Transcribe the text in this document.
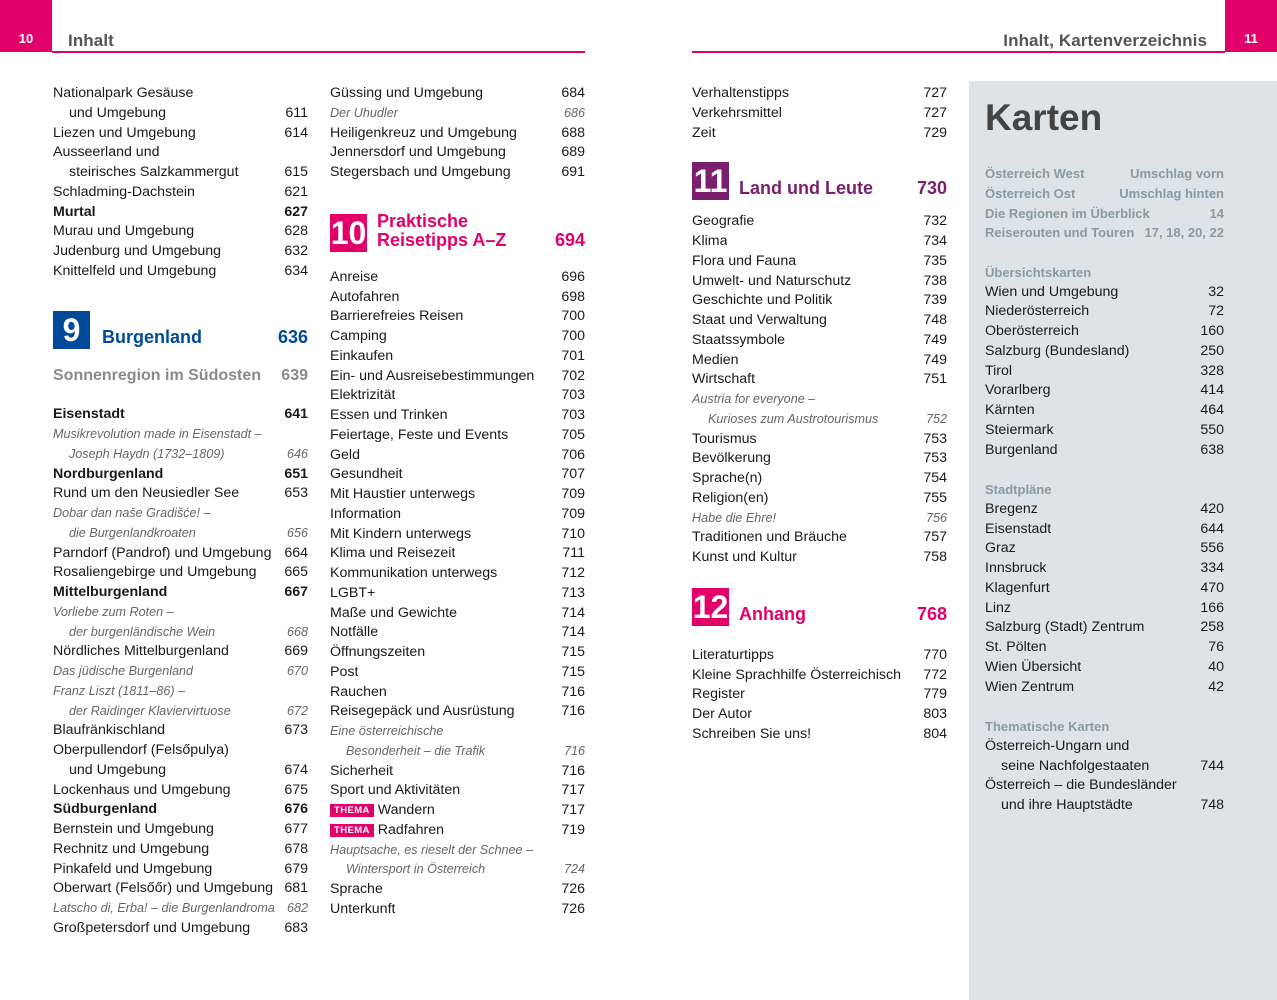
10	Inhalt	Inhalt, Kartenverzeichnis	11
Nationalpark Gesäuse
und Umgebung	611
Liezen und Umgebung	614
Ausseerland und
steirisches Salzkammergut	615
Schladming-Dachstein	621
Murtal	627
Murau und Umgebung	628
Judenburg und Umgebung	632
Knittelfeld und Umgebung	634
9	Burgenland	636
Sonnenregion im Südosten 639
Eisenstadt	641
Musikrevolution made in Eisenstadt –
Joseph Haydn (1732–1809)	646
Nordburgenland	651
Rund um den Neusiedler See	653
Dobar dan naše Gradišće! –
die Burgenlandkroaten	656
Parndorf (Pandrof) und Umgebung 664
Rosaliengebirge und Umgebung	665
Mittelburgenland	667
Vorliebe zum Roten –
der burgenländische Wein	668
Nördliches Mittelburgenland	669
Das jüdische Burgenland	670
Franz Liszt (1811–86) –
der Raidinger Klaviervirtuose	672
Blaufränkischland	673
Oberpullendorf (Felsőpulya)
und Umgebung	674
Lockenhaus und Umgebung	675
Südburgenland	676
Bernstein und Umgebung	677
Rechnitz und Umgebung	678
Pinkafeld und Umgebung	679
Oberwart (Felsőőr) und Umgebung 681
Latscho di, Erba! – die Burgenlandroma 682
Großpetersdorf und Umgebung	683
Güssing und Umgebung	684
Der Uhudler	686
Heiligenkreuz und Umgebung	688
Jennersdorf und Umgebung	689
Stegersbach und Umgebung	691
10 Praktische
Reisetipps A–Z	694
Anreise	696
Autofahren	698
Barrierefreies Reisen	700
Camping	700
Einkaufen	701
Ein- und Ausreisebestimmungen	702
Elektrizität	703
Essen und Trinken	703
Feiertage, Feste und Events	705
Geld	706
Gesundheit	707
Mit Haustier unterwegs	709
Information	709
Mit Kindern unterwegs	710
Klima und Reisezeit	711
Kommunikation unterwegs	712
LGBT+	713
Maße und Gewichte	714
Notfälle	714
Öffnungszeiten	715
Post	715
Rauchen	716
Reisegepäck und Ausrüstung	716
Eine österreichische
Besonderheit – die Trafik	716
Sicherheit	716
Sport und Aktivitäten	717
THEMA Wandern	717
THEMA Radfahren	719
Hauptsache, es rieselt der Schnee –
Wintersport in Österreich	724
Sprache	726
Unterkunft	726
Verhaltenstipps	727
Verkehrsmittel	727
Zeit	729
11 Land und Leute	730
Geografie	732
Klima	734
Flora und Fauna	735
Umwelt- und Naturschutz	738
Geschichte und Politik	739
Staat und Verwaltung	748
Staatssymbole	749
Medien	749
Wirtschaft	751
Austria for everyone –
Kurioses zum Austrotourismus	752
Tourismus	753
Bevölkerung	753
Sprache(n)	754
Religion(en)	755
Habe die Ehre!	756
Traditionen und Bräuche	757
Kunst und Kultur	758
12 Anhang	768
Literaturtipps	770
Kleine Sprachhilfe Österreichisch	772
Register	779
Der Autor	803
Schreiben Sie uns!	804
Karten
Österreich West	Umschlag vorn
Österreich Ost	Umschlag hinten
Die Regionen im Überblick	14
Reiserouten und Touren 17, 18, 20, 22
Übersichtskarten
Wien und Umgebung	32
Niederösterreich	72
Oberösterreich	160
Salzburg (Bundesland)	250
Tirol	328
Vorarlberg	414
Kärnten	464
Steiermark	550
Burgenland	638
Stadtpläne
Bregenz	420
Eisenstadt	644
Graz	556
Innsbruck	334
Klagenfurt	470
Linz	166
Salzburg (Stadt) Zentrum	258
St. Pölten	76
Wien Übersicht	40
Wien Zentrum	42
Thematische Karten
Österreich-Ungarn und
seine Nachfolgestaaten	744
Österreich – die Bundesländer
und ihre Hauptstädte	748
